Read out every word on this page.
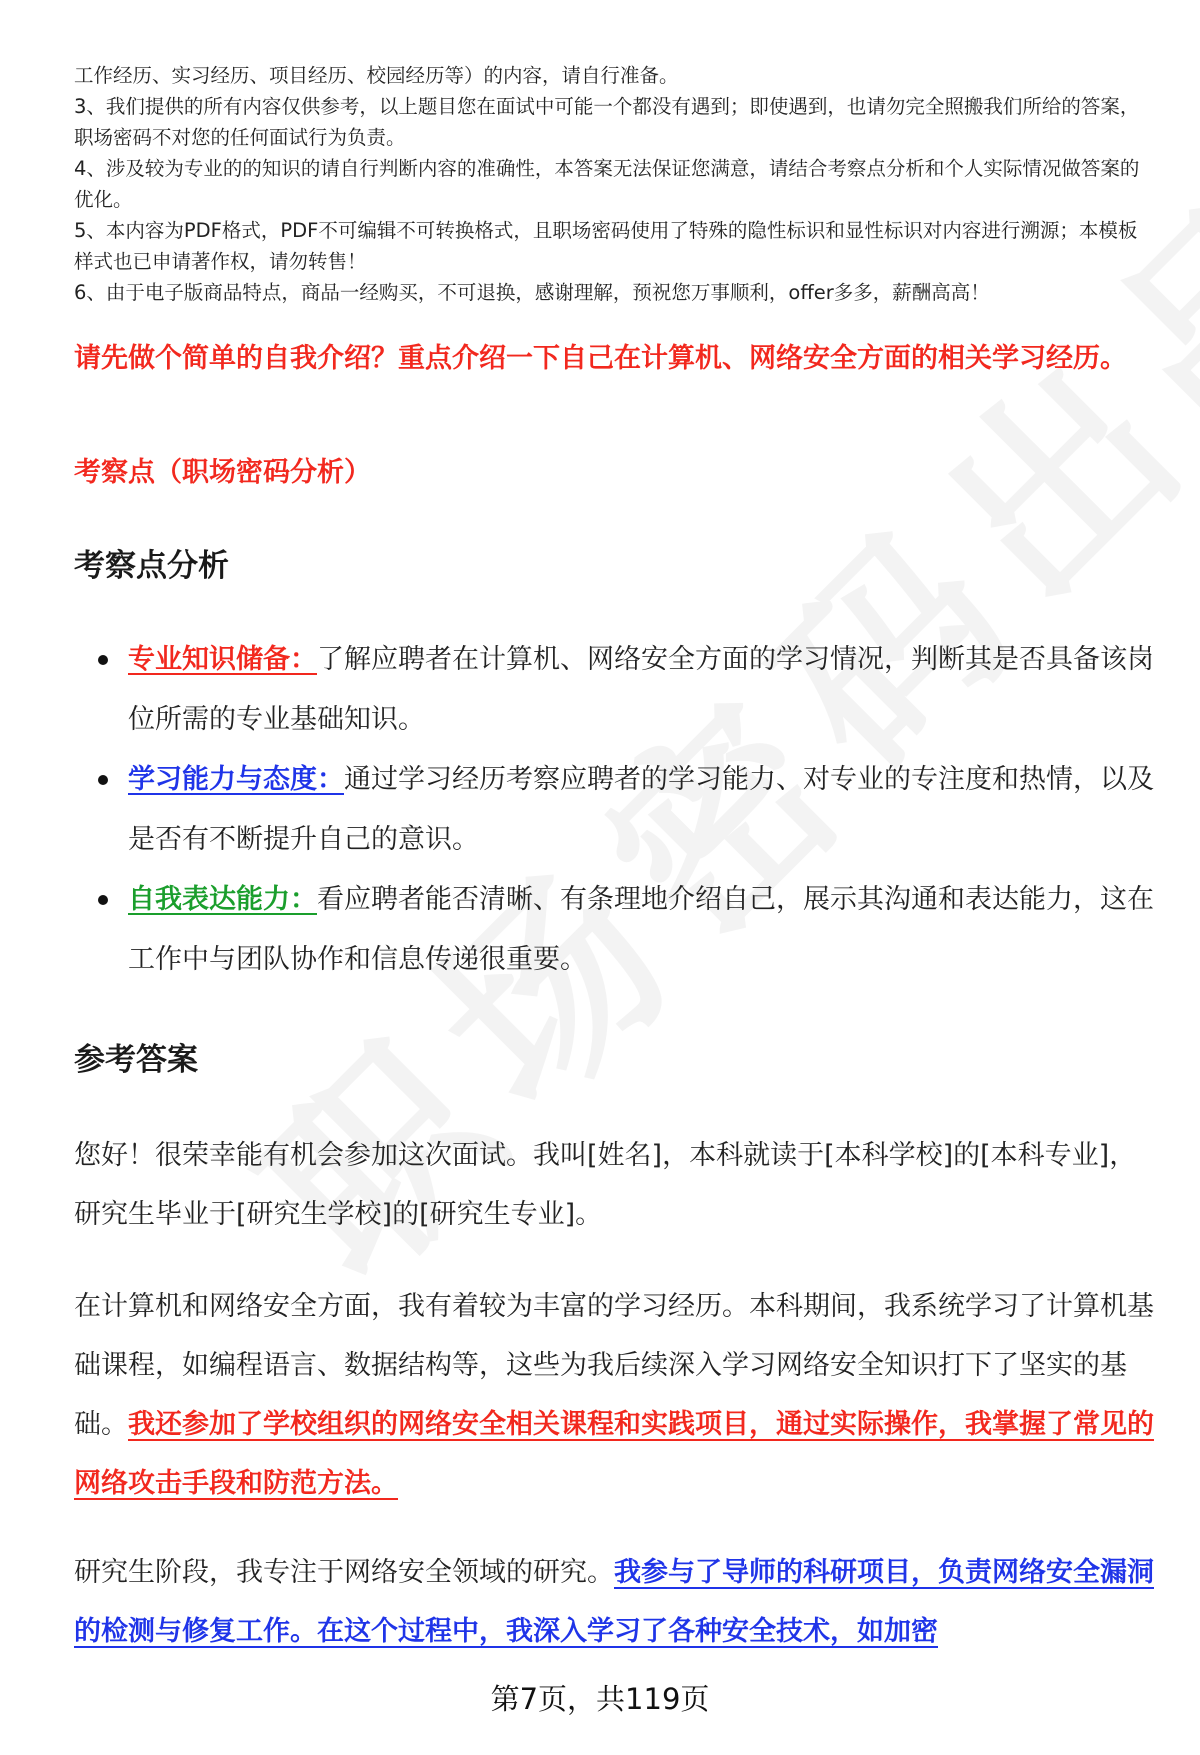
工作经历、实习经历、项目经历、校园经历等）的内容，请自行准备。

3、我们提供的所有内容仅供参考，以上题目您在面试中可能一个都没有遇到；即使遇到，也请勿完全照搬我们所给的答案，职场密码不对您的任何面试行为负责。

4、涉及较为专业的的知识的请自行判断内容的准确性，本答案无法保证您满意，请结合考察点分析和个人实际情况做答案的优化。

5、本内容为PDF格式，PDF不可编辑不可转换格式，且职场密码使用了特殊的隐性标识和显性标识对内容进行溯源；本模板样式也已申请著作权，请勿转售！

6、由于电子版商品特点，商品一经购买，不可退换，感谢理解，预祝您万事顺利，offer多多，薪酬高高！

请先做个简单的自我介绍？重点介绍一下自己在计算机、网络安全方面的相关学习经历。
考察点（职场密码分析）
考察点分析
专业知识储备：了解应聘者在计算机、网络安全方面的学习情况，判断其是否具备该岗位所需的专业基础知识。
学习能力与态度：通过学习经历考察应聘者的学习能力、对专业的专注度和热情，以及是否有不断提升自己的意识。
自我表达能力：看应聘者能否清晰、有条理地介绍自己，展示其沟通和表达能力，这在工作中与团队协作和信息传递很重要。
参考答案

您好！很荣幸能有机会参加这次面试。我叫[姓名]，本科就读于[本科学校]的[本科专业]，研究生毕业于[研究生学校]的[研究生专业]。

在计算机和网络安全方面，我有着较为丰富的学习经历。本科期间，我系统学习了计算机基础课程，如编程语言、数据结构等，这些为我后续深入学习网络安全知识打下了坚实的基础。我还参加了学校组织的网络安全相关课程和实践项目，通过实际操作，我掌握了常见的网络攻击手段和防范方法。

研究生阶段，我专注于网络安全领域的研究。我参与了导师的科研项目，负责网络安全漏洞的检测与修复工作。在这个过程中，我深入学习了各种安全技术，如加密

第7页，共119页
